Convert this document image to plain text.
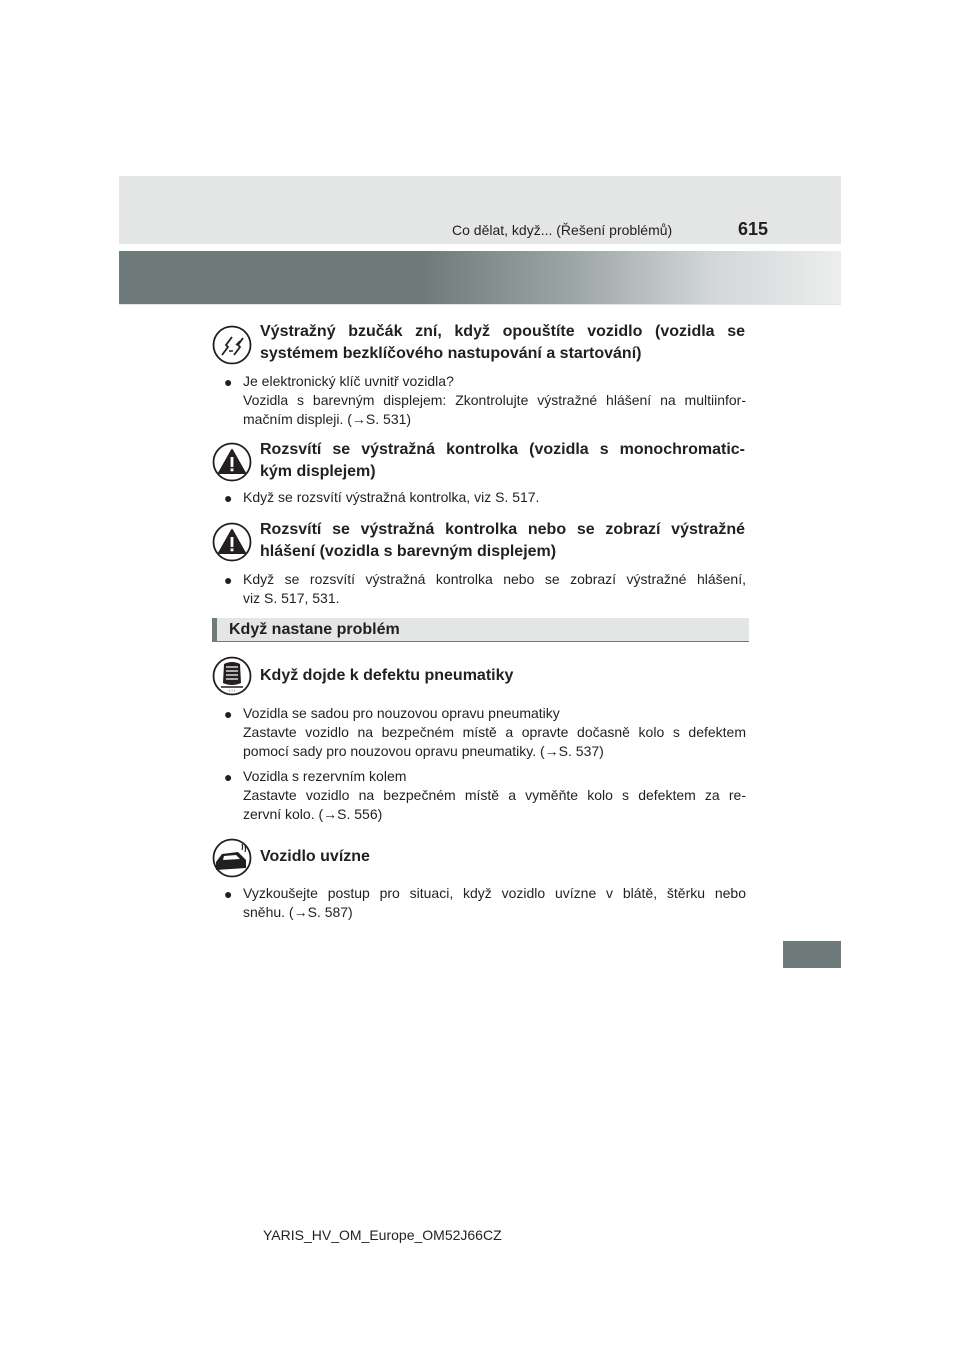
Co dělat, když... (Řešení problémů)	615
Výstražný bzučák zní, když opouštíte vozidlo (vozidla se
systémem bezklíčového nastupování a startování)
● Je elektronický klíč uvnitř vozidla?
Vozidla s barevným displejem: Zkontrolujte výstražné hlášení na multiinfor-
mačním displeji. (→S. 531)
Rozsvítí se výstražná kontrolka (vozidla s monochromatic-
kým displejem)
● Když se rozsvítí výstražná kontrolka, viz S. 517.
Rozsvítí se výstražná kontrolka nebo se zobrazí výstražné
hlášení (vozidla s barevným displejem)
● Když se rozsvítí výstražná kontrolka nebo se zobrazí výstražné hlášení,
viz S. 517, 531.
Když nastane problém
! ! !
Když dojde k defektu pneumatiky
● Vozidla se sadou pro nouzovou opravu pneumatiky
Zastavte vozidlo na bezpečném místě a opravte dočasně kolo s defektem
pomocí sady pro nouzovou opravu pneumatiky. (→S. 537)
● Vozidla s rezervním kolem
Zastavte vozidlo na bezpečném místě a vyměňte kolo s defektem za re-
zervní kolo. (→S. 556)
Vozidlo uvízne
● Vyzkoušejte postup pro situaci, když vozidlo uvízne v blátě, štěrku nebo
sněhu. (→S. 587)
YARIS_HV_OM_Europe_OM52J66CZ
